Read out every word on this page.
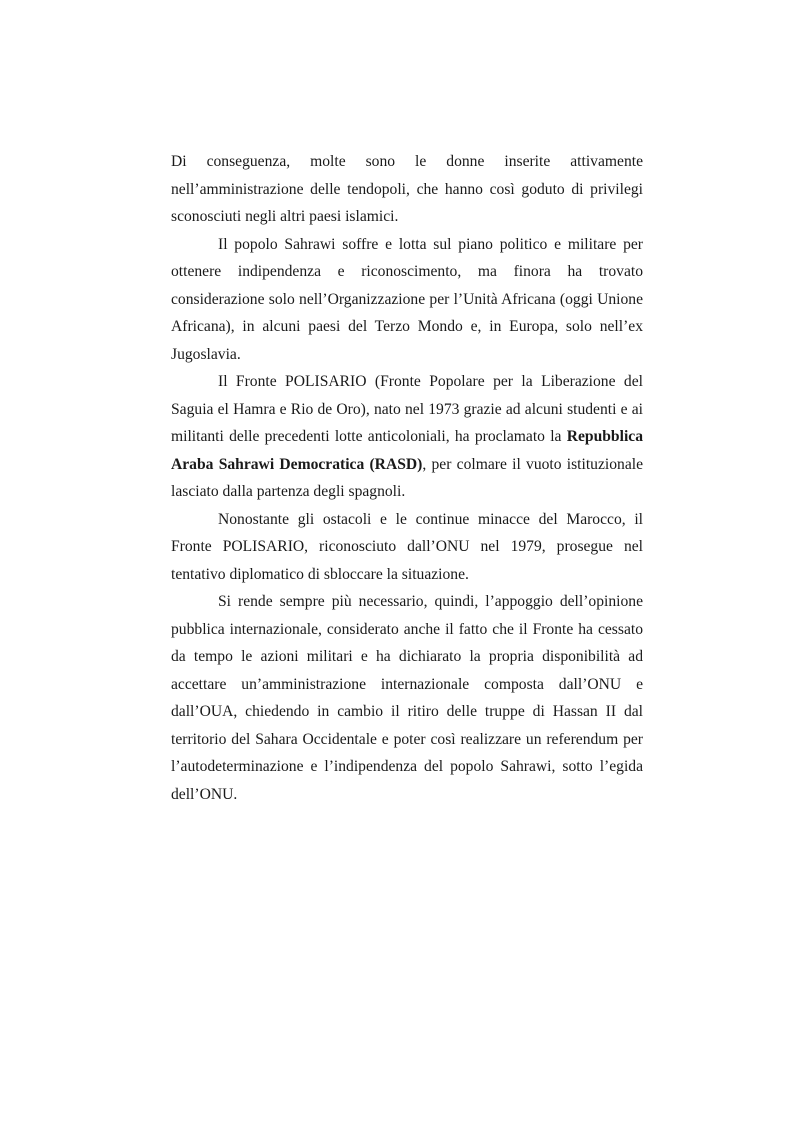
Di conseguenza, molte sono le donne inserite attivamente nell’amministrazione delle tendopoli, che hanno così goduto di privilegi sconosciuti negli altri paesi islamici.

Il popolo Sahrawi soffre e lotta sul piano politico e militare per ottenere indipendenza e riconoscimento, ma finora ha trovato considerazione solo nell’Organizzazione per l’Unità Africana (oggi Unione Africana), in alcuni paesi del Terzo Mondo e, in Europa, solo nell’ex Jugoslavia.

Il Fronte POLISARIO (Fronte Popolare per la Liberazione del Saguia el Hamra e Rio de Oro), nato nel 1973 grazie ad alcuni studenti e ai militanti delle precedenti lotte anticoloniali, ha proclamato la Repubblica Araba Sahrawi Democratica (RASD), per colmare il vuoto istituzionale lasciato dalla partenza degli spagnoli.

Nonostante gli ostacoli e le continue minacce del Marocco, il Fronte POLISARIO, riconosciuto dall’ONU nel 1979, prosegue nel tentativo diplomatico di sbloccare la situazione.

Si rende sempre più necessario, quindi, l’appoggio dell’opinione pubblica internazionale, considerato anche il fatto che il Fronte ha cessato da tempo le azioni militari e ha dichiarato la propria disponibilità ad accettare un’amministrazione internazionale composta dall’ONU e dall’OUA, chiedendo in cambio il ritiro delle truppe di Hassan II dal territorio del Sahara Occidentale e poter così realizzare un referendum per l’autodeterminazione e l’indipendenza del popolo Sahrawi, sotto l’egida dell’ONU.
